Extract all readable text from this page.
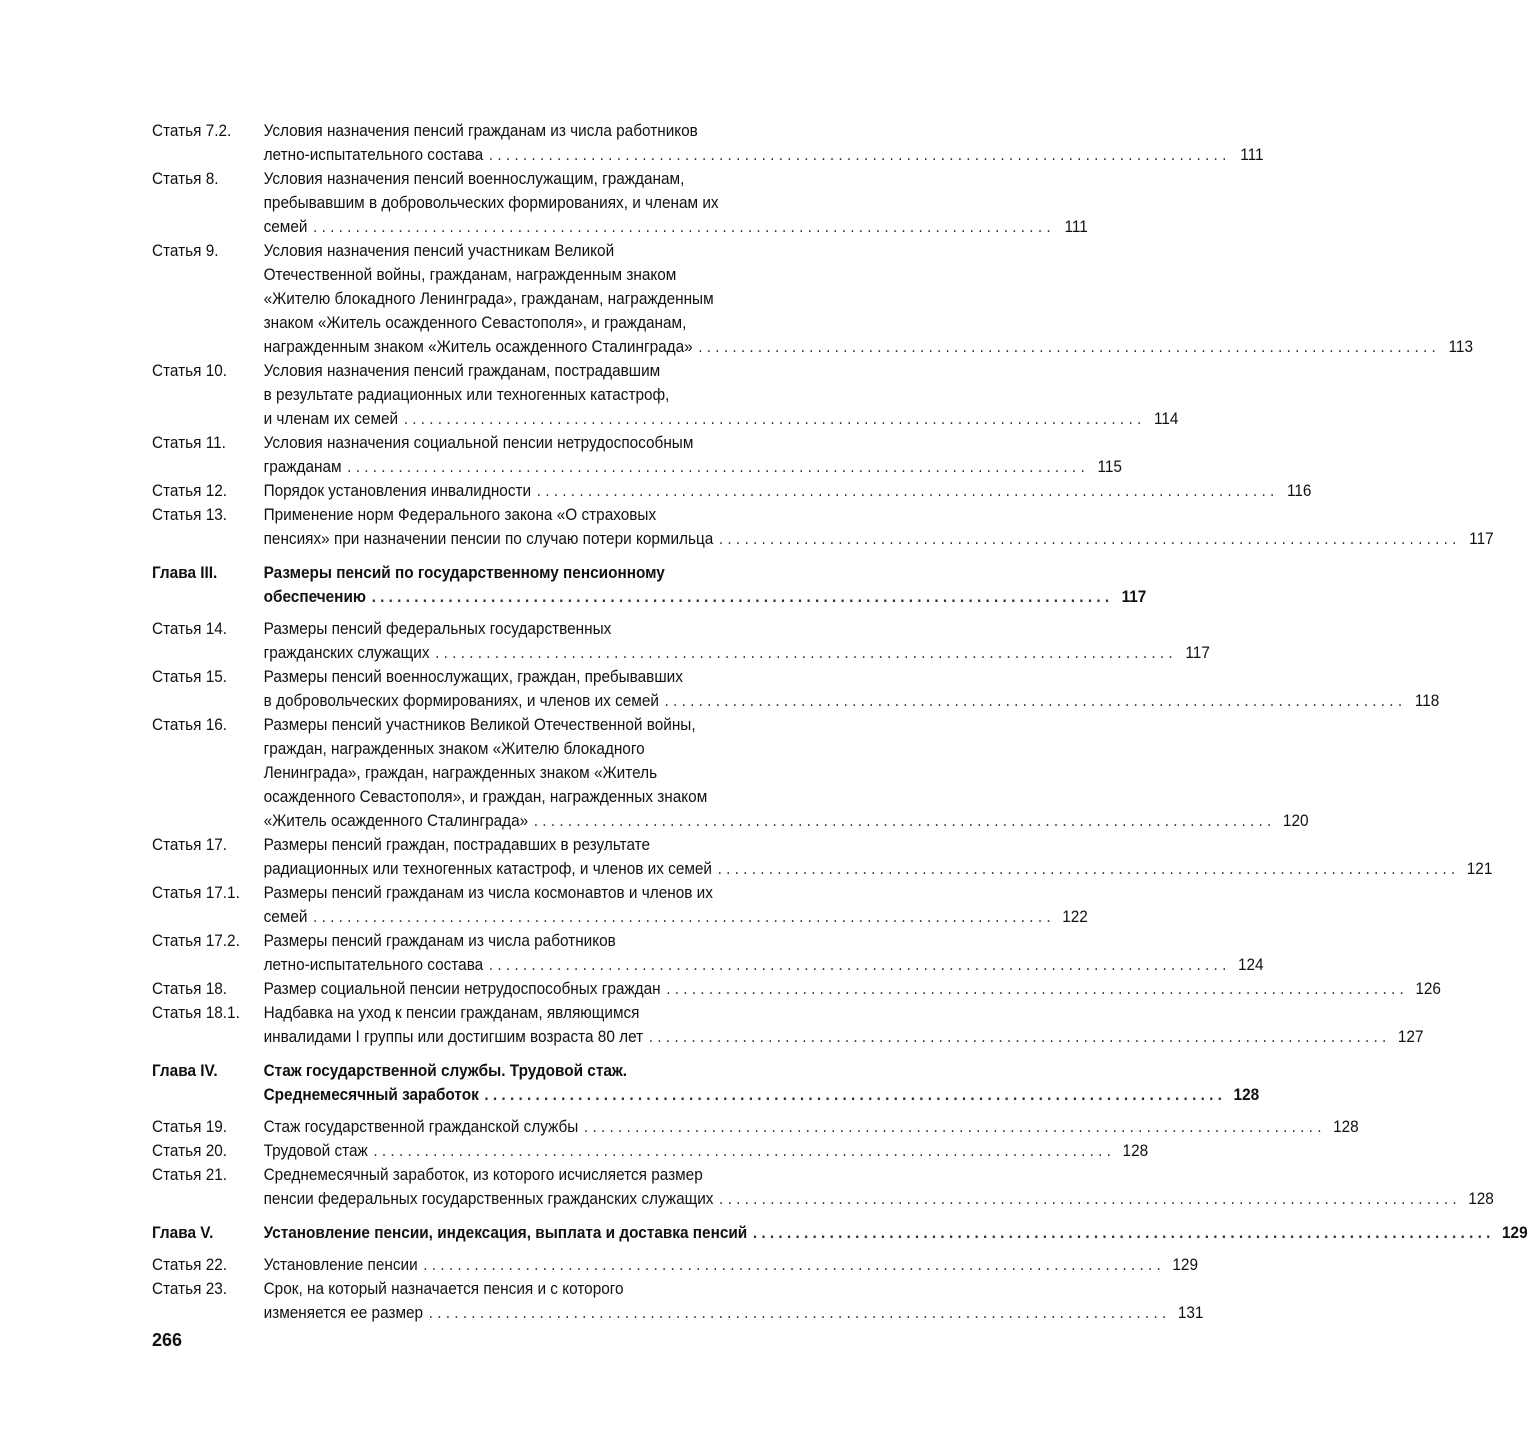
Статья 7.2.	Условия назначения пенсий гражданам из числа работников
летно-испытательного состава . . .	111
Статья 8.	Условия назначения пенсий военнослужащим, гражданам,
пребывавшим в добровольческих формированиях, и членам их
семей . . .	111
Статья 9.	Условия назначения пенсий участникам Великой
Отечественной войны, гражданам, награжденным знаком
«Жителю блокадного Ленинграда», гражданам, награжденным
знаком «Житель осажденного Севастополя», и гражданам,
награжденным знаком «Житель осажденного Сталинграда» . . .	113
Статья 10.	Условия назначения пенсий гражданам, пострадавшим
в результате радиационных или техногенных катастроф,
и членам их семей . . .	114
Статья 11.	Условия назначения социальной пенсии нетрудоспособным
гражданам . . .	115
Статья 12.	Порядок установления инвалидности . . .	116
Статья 13.	Применение норм Федерального закона «О страховых
пенсиях» при назначении пенсии по случаю потери кормильца . . .	117
Глава III.	Размеры пенсий по государственному пенсионному
обеспечению . . .	117
Статья 14.	Размеры пенсий федеральных государственных
гражданских служащих . . .	117
Статья 15.	Размеры пенсий военнослужащих, граждан, пребывавших
в добровольческих формированиях, и членов их семей . . .	118
Статья 16.	Размеры пенсий участников Великой Отечественной войны,
граждан, награжденных знаком «Жителю блокадного
Ленинграда», граждан, награжденных знаком «Житель
осажденного Севастополя», и граждан, награжденных знаком
«Житель осажденного Сталинграда» . . .	120
Статья 17.	Размеры пенсий граждан, пострадавших в результате
радиационных или техногенных катастроф, и членов их семей . . .	121
Статья 17.1.	Размеры пенсий гражданам из числа космонавтов и членов их
семей . . .	122
Статья 17.2.	Размеры пенсий гражданам из числа работников
летно-испытательного состава . . .	124
Статья 18.	Размер социальной пенсии нетрудоспособных граждан . . .	126
Статья 18.1.	Надбавка на уход к пенсии гражданам, являющимся
инвалидами I группы или достигшим возраста 80 лет . . .	127
Глава IV.	Стаж государственной службы. Трудовой стаж.
Среднемесячный заработок . . .	128
Статья 19.	Стаж государственной гражданской службы . . .	128
Статья 20.	Трудовой стаж . . .	128
Статья 21.	Среднемесячный заработок, из которого исчисляется размер
пенсии федеральных государственных гражданских служащих . . .	128
Глава V.	Установление пенсии, индексация, выплата и доставка пенсий . . .	129
Статья 22.	Установление пенсии . . .	129
Статья 23.	Срок, на который назначается пенсия и с которого
изменяется ее размер . . .	131
266
